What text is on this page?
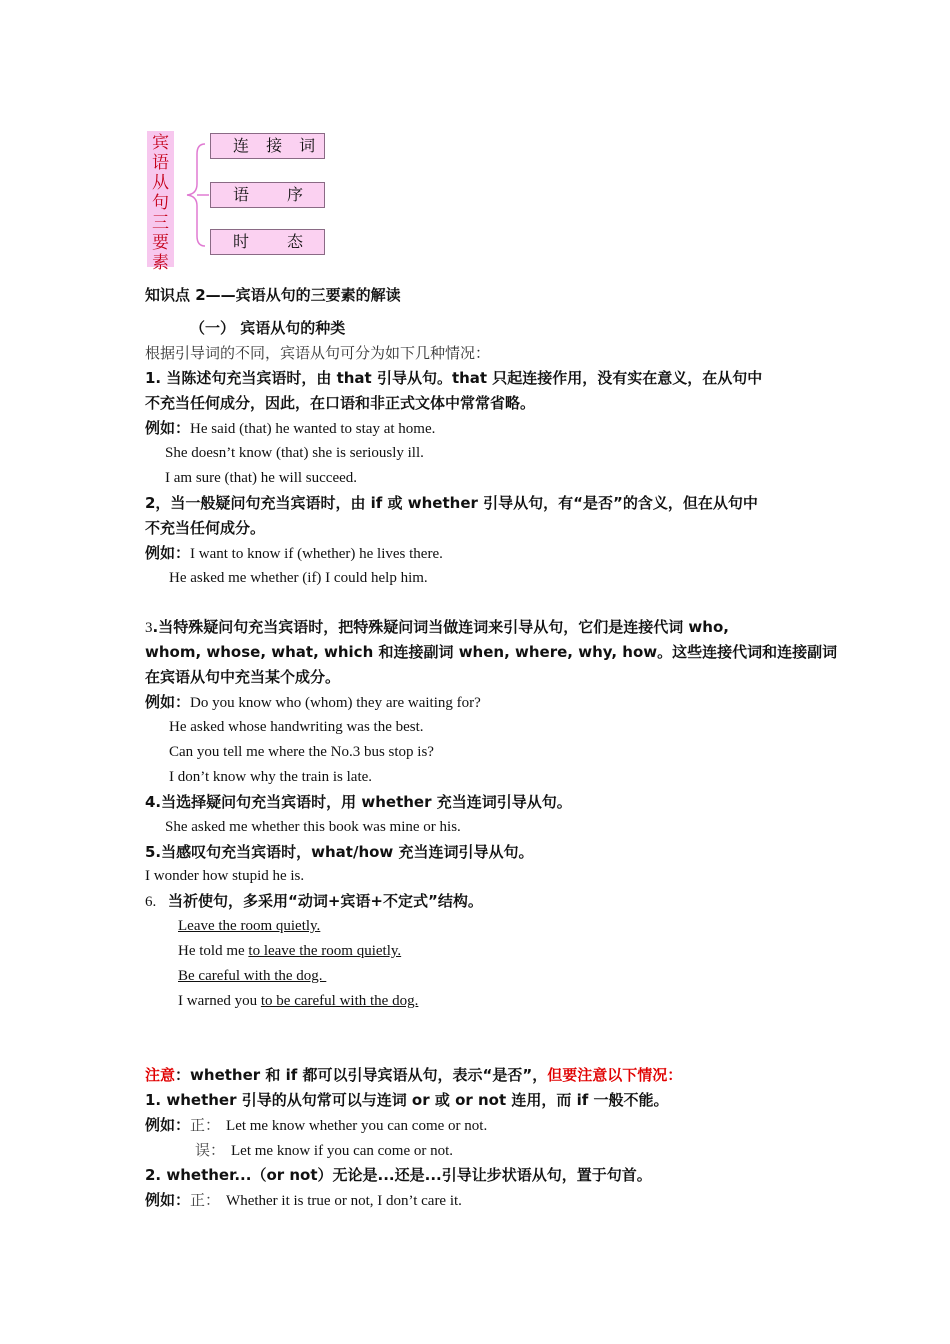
宾
语
从
句
三
要
素
连 接 词
语　　序
时　　态
知识点 2——宾语从句的三要素的解读
（一） 宾语从句的种类
根据引导词的不同，宾语从句可分为如下几种情况：
1. 当陈述句充当宾语时，由 that 引导从句。that 只起连接作用，没有实在意义，在从句中
不充当任何成分，因此，在口语和非正式文体中常常省略。
例如：He said (that) he wanted to stay at home.
She doesn’t know (that) she is seriously ill.
I am sure (that) he will succeed.
2，当一般疑问句充当宾语时，由 if 或 whether 引导从句，有“是否”的含义，但在从句中
不充当任何成分。
例如：I want to know if (whether) he lives there.
He asked me whether (if) I could help him.
3.当特殊疑问句充当宾语时，把特殊疑问词当做连词来引导从句，它们是连接代词 who,
whom, whose, what, which 和连接副词 when, where, why, how。这些连接代词和连接副词
在宾语从句中充当某个成分。
例如：Do you know who (whom) they are waiting for?
He asked whose handwriting was the best.
Can you tell me where the No.3 bus stop is?
I don’t know why the train is late.
4.当选择疑问句充当宾语时，用 whether 充当连词引导从句。
She asked me whether this book was mine or his.
5.当感叹句充当宾语时，what/how 充当连词引导从句。
I wonder how stupid he is.
6. 当祈使句，多采用“动词+宾语+不定式”结构。
Leave the room quietly.
He told me to leave the room quietly.
Be careful with the dog.
I warned you to be careful with the dog.
注意：whether 和 if 都可以引导宾语从句，表示“是否”，但要注意以下情况：
1. whether 引导的从句常可以与连词 or 或 or not 连用，而 if 一般不能。
例如：正： Let me know whether you can come or not.
误： Let me know if you can come or not.
2. whether...（or not）无论是...还是...引导让步状语从句，置于句首。
例如：正： Whether it is true or not, I don’t care it.
